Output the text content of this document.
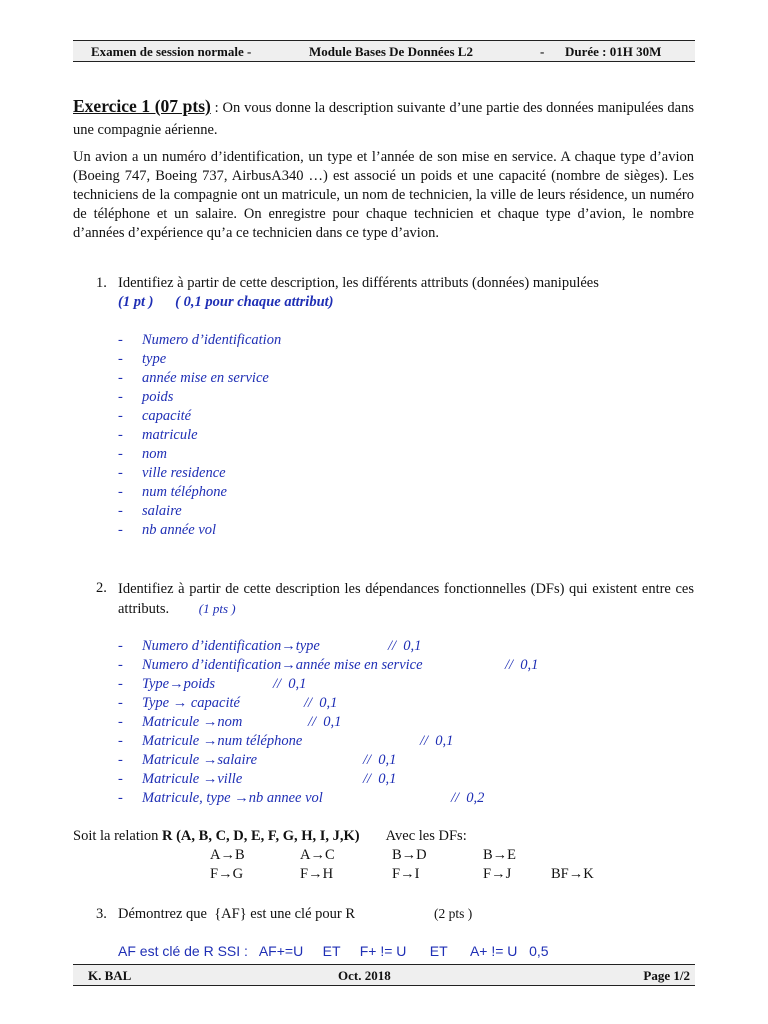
Examen de session normale -	Module Bases De Données L2	- Durée : 01H 30M
Exercice 1 (07 pts) : On vous donne la description suivante d’une partie des données manipulées dans une compagnie aérienne.
Un avion a un numéro d’identification, un type et l’année de son mise en service. A chaque type d’avion (Boeing 747, Boeing 737, AirbusA340 …) est associé un poids et une capacité (nombre de sièges). Les techniciens de la compagnie ont un matricule, un nom de technicien, la ville de leurs résidence, un numéro de téléphone et un salaire. On enregistre pour chaque technicien et chaque type d’avion, le nombre d’années d’expérience qu’a ce technicien dans ce type d’avion.
1. Identifiez à partir de cette description, les différents attributs (données) manipulées
(1 pt )      ( 0,1 pour chaque attribut)
- Numero d’identification
- type
- année mise en service
- poids
- capacité
- matricule
- nom
- ville residence
- num téléphone
- salaire
- nb année vol
2. Identifiez à partir de cette description les dépendances fonctionnelles (DFs) qui existent entre ces attributs. (1 pts )
- Numero d’identification→type	//  0,1
- Numero d’identification→année mise en service	//  0,1
- Type→poids	//  0,1
- Type → capacité	//  0,1
- Matricule →nom	//  0,1
- Matricule →num téléphone	//  0,1
- Matricule →salaire	//  0,1
- Matricule →ville	//  0,1
- Matricule, type →nb annee vol	//  0,2
Soit la relation R (A, B, C, D, E, F, G, H, I, J,K) Avec les DFs:
A→B	A→C	B→D	B→E
F→G	F→H	F→I	F→J	BF→K
3. Démontrez que  {AF} est une clé pour R	(2 pts )
AF est clé de R SSI :   AF+=U     ET     F+ != U      ET      A+ != U   0,5
K. BAL	Oct. 2018	Page 1/2
